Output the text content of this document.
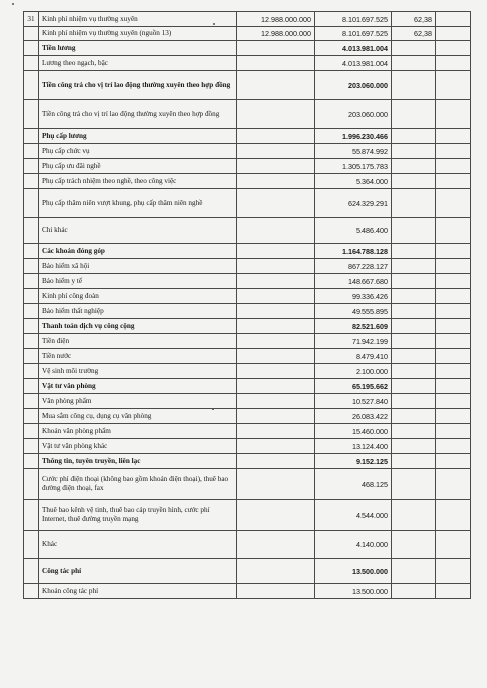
31	Kinh phí nhiệm vụ thường xuyên	12.988.000.000	8.101.697.525	62,38	
	Kinh phí nhiệm vụ thường xuyên (nguồn 13)	12.988.000.000	8.101.697.525	62,38	
	Tiền lương		4.013.981.004		
	Lương theo ngạch, bậc		4.013.981.004		
	Tiền công trả cho vị trí lao động thường xuyên theo hợp đồng		203.060.000		
	Tiền công trả cho vị trí lao động thường xuyên theo hợp đồng		203.060.000		
	Phụ cấp lương		1.996.230.466		
	Phụ cấp chức vụ		55.874.992		
	Phụ cấp ưu đãi nghề		1.305.175.783		
	Phụ cấp trách nhiệm theo nghề, theo công việc		5.364.000		
	Phụ cấp thâm niên vượt khung, phụ cấp thâm niên nghề		624.329.291		
	Chi khác		5.486.400		
	Các khoản đóng góp		1.164.788.128		
	Bảo hiểm xã hội		867.228.127		
	Bảo hiểm y tế		148.667.680		
	Kinh phí công đoàn		99.336.426		
	Bảo hiểm thất nghiệp		49.555.895		
	Thanh toán dịch vụ công cộng		82.521.609		
	Tiền điện		71.942.199		
	Tiền nước		8.479.410		
	Vệ sinh môi trường		2.100.000		
	Vật tư văn phòng		65.195.662		
	Văn phòng phẩm		10.527.840		
	Mua sắm công cụ, dụng cụ văn phòng		26.083.422		
	Khoán văn phòng phẩm		15.460.000		
	Vật tư văn phòng khác		13.124.400		
	Thông tin, tuyên truyền, liên lạc		9.152.125		
	Cước phí điện thoại (không bao gồm khoán điện thoại), thuê bao đường điện thoại, fax		468.125		
	Thuê bao kênh vệ tinh, thuê bao cáp truyền hình, cước phí Internet, thuê đường truyền mạng		4.544.000		
	Khác		4.140.000		
	Công tác phí		13.500.000		
	Khoán công tác phí		13.500.000		
